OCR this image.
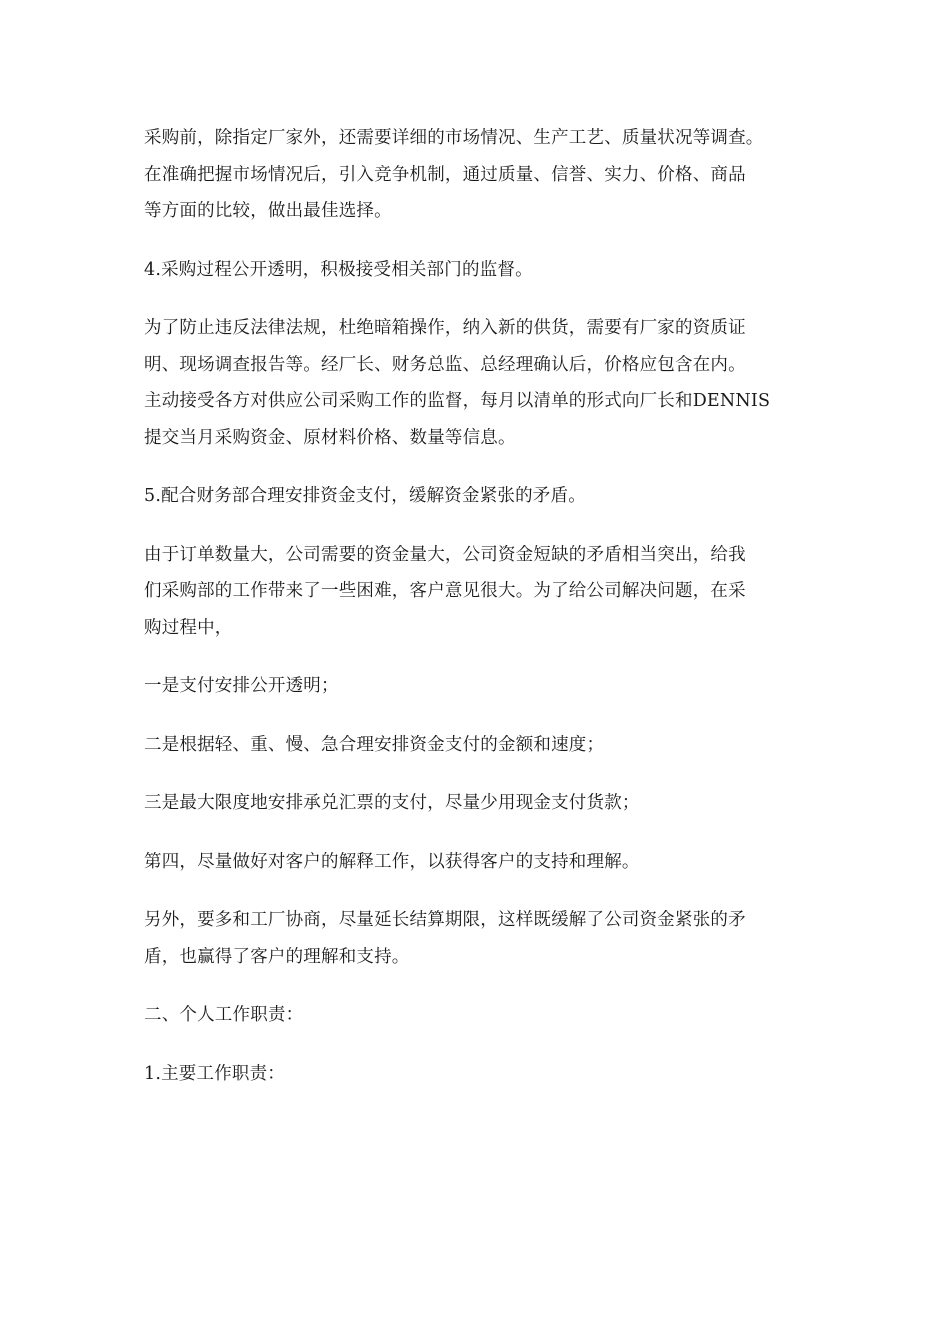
采购前，除指定厂家外，还需要详细的市场情况、生产工艺、质量状况等调查。
在准确把握市场情况后，引入竞争机制，通过质量、信誉、实力、价格、商品
等方面的比较，做出最佳选择。

4.采购过程公开透明，积极接受相关部门的监督。

为了防止违反法律法规，杜绝暗箱操作，纳入新的供货，需要有厂家的资质证
明、现场调查报告等。经厂长、财务总监、总经理确认后，价格应包含在内。
主动接受各方对供应公司采购工作的监督，每月以清单的形式向厂长和DENNIS
提交当月采购资金、原材料价格、数量等信息。

5.配合财务部合理安排资金支付，缓解资金紧张的矛盾。

由于订单数量大，公司需要的资金量大，公司资金短缺的矛盾相当突出，给我
们采购部的工作带来了一些困难，客户意见很大。为了给公司解决问题，在采
购过程中，

一是支付安排公开透明；

二是根据轻、重、慢、急合理安排资金支付的金额和速度；

三是最大限度地安排承兑汇票的支付，尽量少用现金支付货款；

第四，尽量做好对客户的解释工作，以获得客户的支持和理解。

另外，要多和工厂协商，尽量延长结算期限，这样既缓解了公司资金紧张的矛
盾，也赢得了客户的理解和支持。

二、个人工作职责：

1.主要工作职责：
